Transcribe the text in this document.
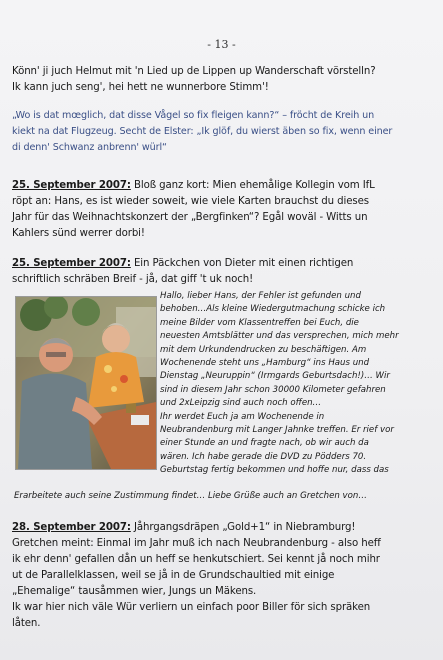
- 13 -

Könn' ji juch Helmut mit 'n Lied up de Lippen up Wanderschaft vörstelln?

Ik kann juch seng', hei hett ne wunnerbore Stimm'!

„Wo is dat mœglich, dat disse Vågel so fix fleigen kann?“ – fröcht de Kreih un

kiekt na dat Flugzeug. Secht de Elster: „Ik glöf, du wierst äben so fix, wenn einer

di denn' Schwanz anbrenn' würl“

25. September 2007: Bloß ganz kort: Mien ehemålige Kollegin vom IfL

röpt an: Hans, es ist wieder soweit, wie viele Karten brauchst du dieses

Jahr für das Weihnachtskonzert der „Bergfinken“? Egål woväl - Witts un

Kahlers sünd werrer dorbi!

25. September 2007: Ein Päckchen von Dieter mit einen richtigen

schriftlich schräben Breif - jå, dat giff 't uk noch!

Hallo, lieber Hans, der Fehler ist gefunden und

behoben…Als kleine Wiedergutmachung schicke ich

meine Bilder vom Klassentreffen bei Euch, die

neuesten Amtsblätter und das versprechen, mich mehr

mit dem Urkundendrucken zu beschäftigen. Am

Wochenende steht uns „Hamburg“ ins Haus und

Dienstag „Neuruppin“ (Irmgards Geburtsdach!)… Wir

sind in diesem Jahr schon 30000 Kilometer gefahren

und 2xLeipzig sind auch noch offen…

Ihr werdet Euch ja am Wochenende in

Neubrandenburg mit Langer Jahnke treffen. Er rief vor

einer Stunde an und fragte nach, ob wir auch da

wären. Ich habe gerade die DVD zu Pödders 70.

Geburtstag fertig bekommen und hoffe nur, dass das

Erarbeitete auch seine Zustimmung findet… Liebe Grüße auch an Gretchen von…

28. September 2007: Jåhrgangsdräpen „Gold+1“ in Niebramburg!

Gretchen meint: Einmal im Jahr muß ich nach Neubrandenburg - also heff

ik ehr denn' gefallen dån un heff se henkutschiert. Sei kennt jå noch mihr

ut de Parallelklassen, weil se jå in de Grundschaultied mit einige

„Ehemalige“ tausåmmen wier, Jungs un Mäkens.

Ik war hier nich väle Wür verliern un einfach poor Biller för sich spräken

låten.
